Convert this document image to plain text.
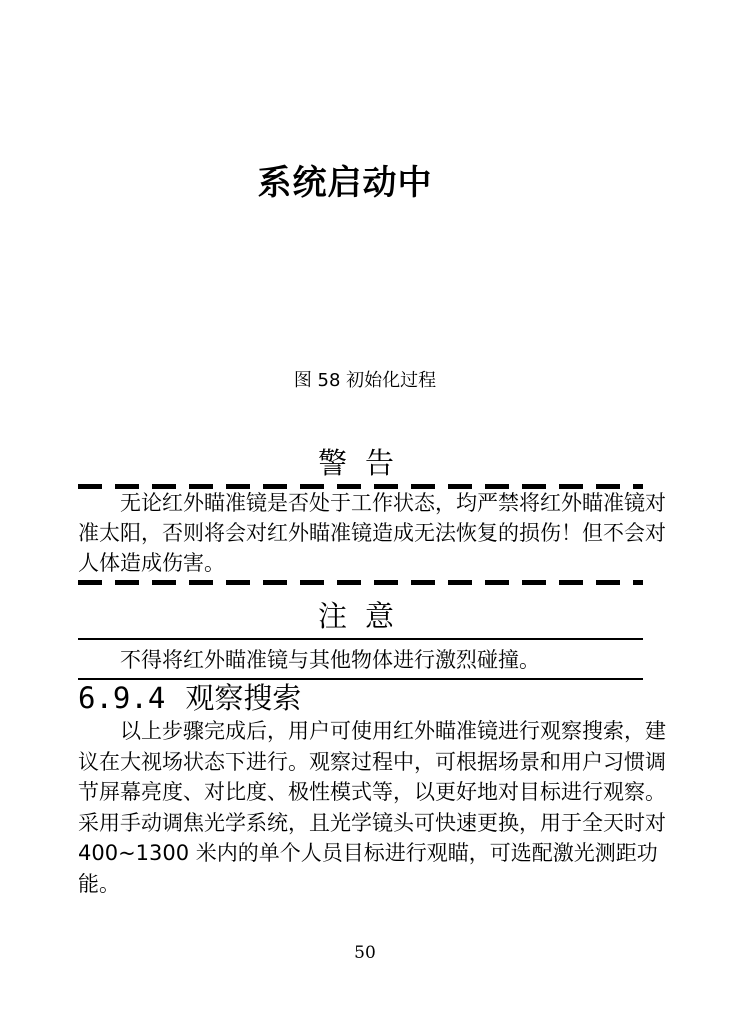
系统启动中
图 58 初始化过程
警告
无论红外瞄准镜是否处于工作状态，均严禁将红外瞄准镜对准太阳，否则将会对红外瞄准镜造成无法恢复的损伤！但不会对人体造成伤害。
注意
不得将红外瞄准镜与其他物体进行激烈碰撞。
6.9.4 观察搜索
以上步骤完成后，用户可使用红外瞄准镜进行观察搜索，建议在大视场状态下进行。观察过程中，可根据场景和用户习惯调节屏幕亮度、对比度、极性模式等，以更好地对目标进行观察。采用手动调焦光学系统，且光学镜头可快速更换，用于全天时对 400~1300 米内的单个人员目标进行观瞄，可选配激光测距功能。
50
